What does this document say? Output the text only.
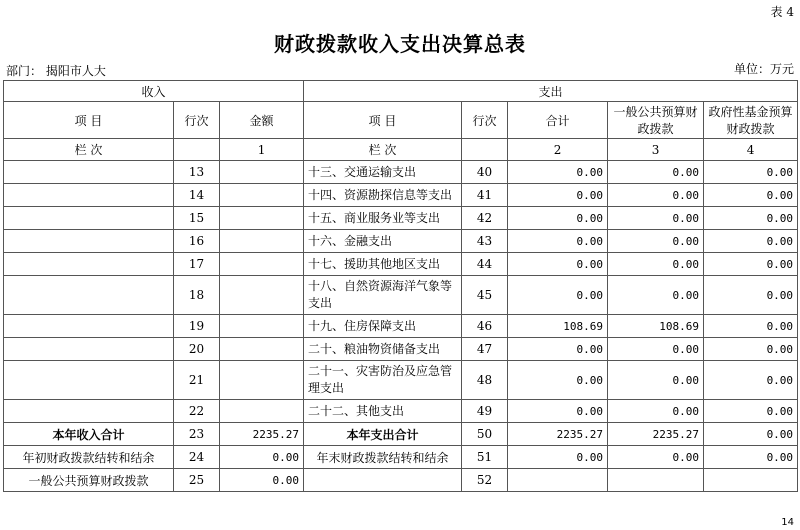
表 4
财政拨款收入支出决算总表
部门： 揭阳市人大	单位：万元
收入			支出				
项 目	行次	金额	项 目	行次	合计	一般公共预算财政拨款	政府性基金预算财政拨款
栏 次		1	栏 次		2	3	4
	13		十三、交通运输支出	40	0.00	0.00	0.00
	14		十四、资源勘探信息等支出	41	0.00	0.00	0.00
	15		十五、商业服务业等支出	42	0.00	0.00	0.00
	16		十六、金融支出	43	0.00	0.00	0.00
	17		十七、援助其他地区支出	44	0.00	0.00	0.00
	18		十八、自然资源海洋气象等支出	45	0.00	0.00	0.00
	19		十九、住房保障支出	46	108.69	108.69	0.00
	20		二十、粮油物资储备支出	47	0.00	0.00	0.00
	21		二十一、灾害防治及应急管理支出	48	0.00	0.00	0.00
	22		二十二、其他支出	49	0.00	0.00	0.00
本年收入合计	23	2235.27	本年支出合计	50	2235.27	2235.27	0.00
年初财政拨款结转和结余	24	0.00	年末财政拨款结转和结余	51	0.00	0.00	0.00
一般公共预算财政拨款	25	0.00		52			
14
